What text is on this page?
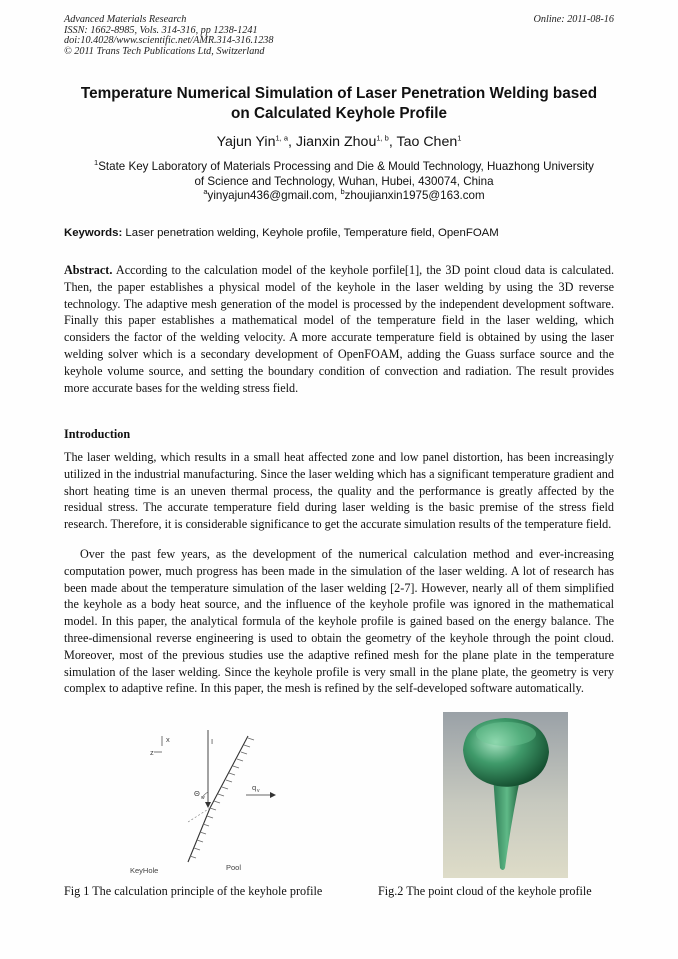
Advanced Materials Research
ISSN: 1662-8985, Vols. 314-316, pp 1238-1241
doi:10.4028/www.scientific.net/AMR.314-316.1238
© 2011 Trans Tech Publications Ltd, Switzerland
Online: 2011-08-16
Temperature Numerical Simulation of Laser Penetration Welding based
on Calculated Keyhole Profile
Yajun Yin$^{1, a}$, Jianxin Zhou$^{1, b}$, Tao Chen$^1$
$^1$State Key Laboratory of Materials Processing and Die & Mould Technology, Huazhong University
of Science and Technology, Wuhan, Hubei, 430074, China
$^a$yinyajun436@gmail.com, $^b$zhoujianxin1975@163.com
Keywords: Laser penetration welding, Keyhole profile, Temperature field, OpenFOAM

Abstract. According to the calculation model of the keyhole porfile[1], the 3D point cloud data is calculated. Then, the paper establishes a physical model of the keyhole in the laser welding by using the 3D reverse technology. The adaptive mesh generation of the model is processed by the independent development software. Finally this paper establishes a mathematical model of the temperature field in the laser welding, which considers the factor of the welding velocity. A more accurate temperature field is obtained by using the laser welding solver which is a secondary development of OpenFOAM, adding the Guass surface source and the keyhole volume source, and setting the boundary condition of convection and radiation. The result provides more accurate bases for the welding stress field.

Introduction

The laser welding, which results in a small heat affected zone and low panel distortion, has been increasingly utilized in the industrial manufacturing. Since the laser welding which has a significant temperature gradient and short heating time is an uneven thermal process, the quality and the performance is greatly affected by the residual stress. The accurate temperature field during laser welding is the basic premise of the stress field research. Therefore, it is considerable significance to get the accurate simulation results of the temperature field.

Over the past few years, as the development of the numerical calculation method and ever-increasing computation power, much progress has been made in the simulation of the laser welding. A lot of research has been made about the temperature simulation of the laser welding [2-7]. However, nearly all of them simplified the keyhole as a body heat source, and the influence of the keyhole profile was ignored in the mathematical model. In this paper, the analytical formula of the keyhole profile is gained based on the energy balance. The three-dimensional reverse engineering is used to obtain the geometry of the keyhole through the point cloud. Moreover, most of the previous studies use the adaptive refined mesh for the plane plate in the temperature simulation of the laser welding. Since the keyhole profile is very small in the plane plate, the geometry is very complex to adaptive refine. In this paper, the mesh is refined by the self-developed software automatically.

x
z
I
Θ w
q v
KeyHole	Pool
Fig 1 The calculation principle of the keyhole profile	Fig.2 The point cloud of the keyhole profile
